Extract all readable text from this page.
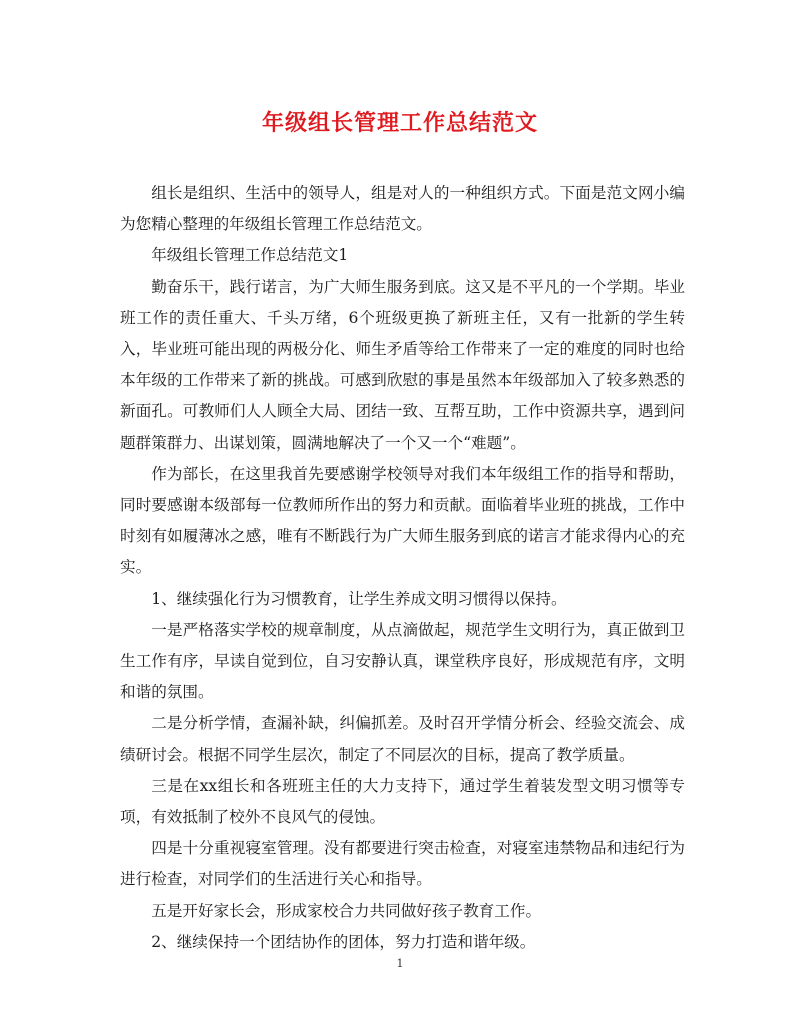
年级组长管理工作总结范文

组长是组织、生活中的领导人，组是对人的一种组织方式。下面是范文网小编为您精心整理的年级组长管理工作总结范文。

年级组长管理工作总结范文1

勤奋乐干，践行诺言，为广大师生服务到底。这又是不平凡的一个学期。毕业班工作的责任重大、千头万绪，6个班级更换了新班主任，又有一批新的学生转入，毕业班可能出现的两极分化、师生矛盾等给工作带来了一定的难度的同时也给本年级的工作带来了新的挑战。可感到欣慰的事是虽然本年级部加入了较多熟悉的新面孔。可教师们人人顾全大局、团结一致、互帮互助，工作中资源共享，遇到问题群策群力、出谋划策，圆满地解决了一个又一个“难题”。

作为部长，在这里我首先要感谢学校领导对我们本年级组工作的指导和帮助，同时要感谢本级部每一位教师所作出的努力和贡献。面临着毕业班的挑战，工作中时刻有如履薄冰之感，唯有不断践行为广大师生服务到底的诺言才能求得内心的充实。

1、继续强化行为习惯教育，让学生养成文明习惯得以保持。

一是严格落实学校的规章制度，从点滴做起，规范学生文明行为，真正做到卫生工作有序，早读自觉到位，自习安静认真，课堂秩序良好，形成规范有序，文明和谐的氛围。

二是分析学情，查漏补缺，纠偏抓差。及时召开学情分析会、经验交流会、成绩研讨会。根据不同学生层次，制定了不同层次的目标，提高了教学质量。

三是在xx组长和各班班主任的大力支持下，通过学生着装发型文明习惯等专项，有效抵制了校外不良风气的侵蚀。

四是十分重视寝室管理。没有都要进行突击检查，对寝室违禁物品和违纪行为进行检查，对同学们的生活进行关心和指导。

五是开好家长会，形成家校合力共同做好孩子教育工作。

2、继续保持一个团结协作的团体，努力打造和谐年级。

1
